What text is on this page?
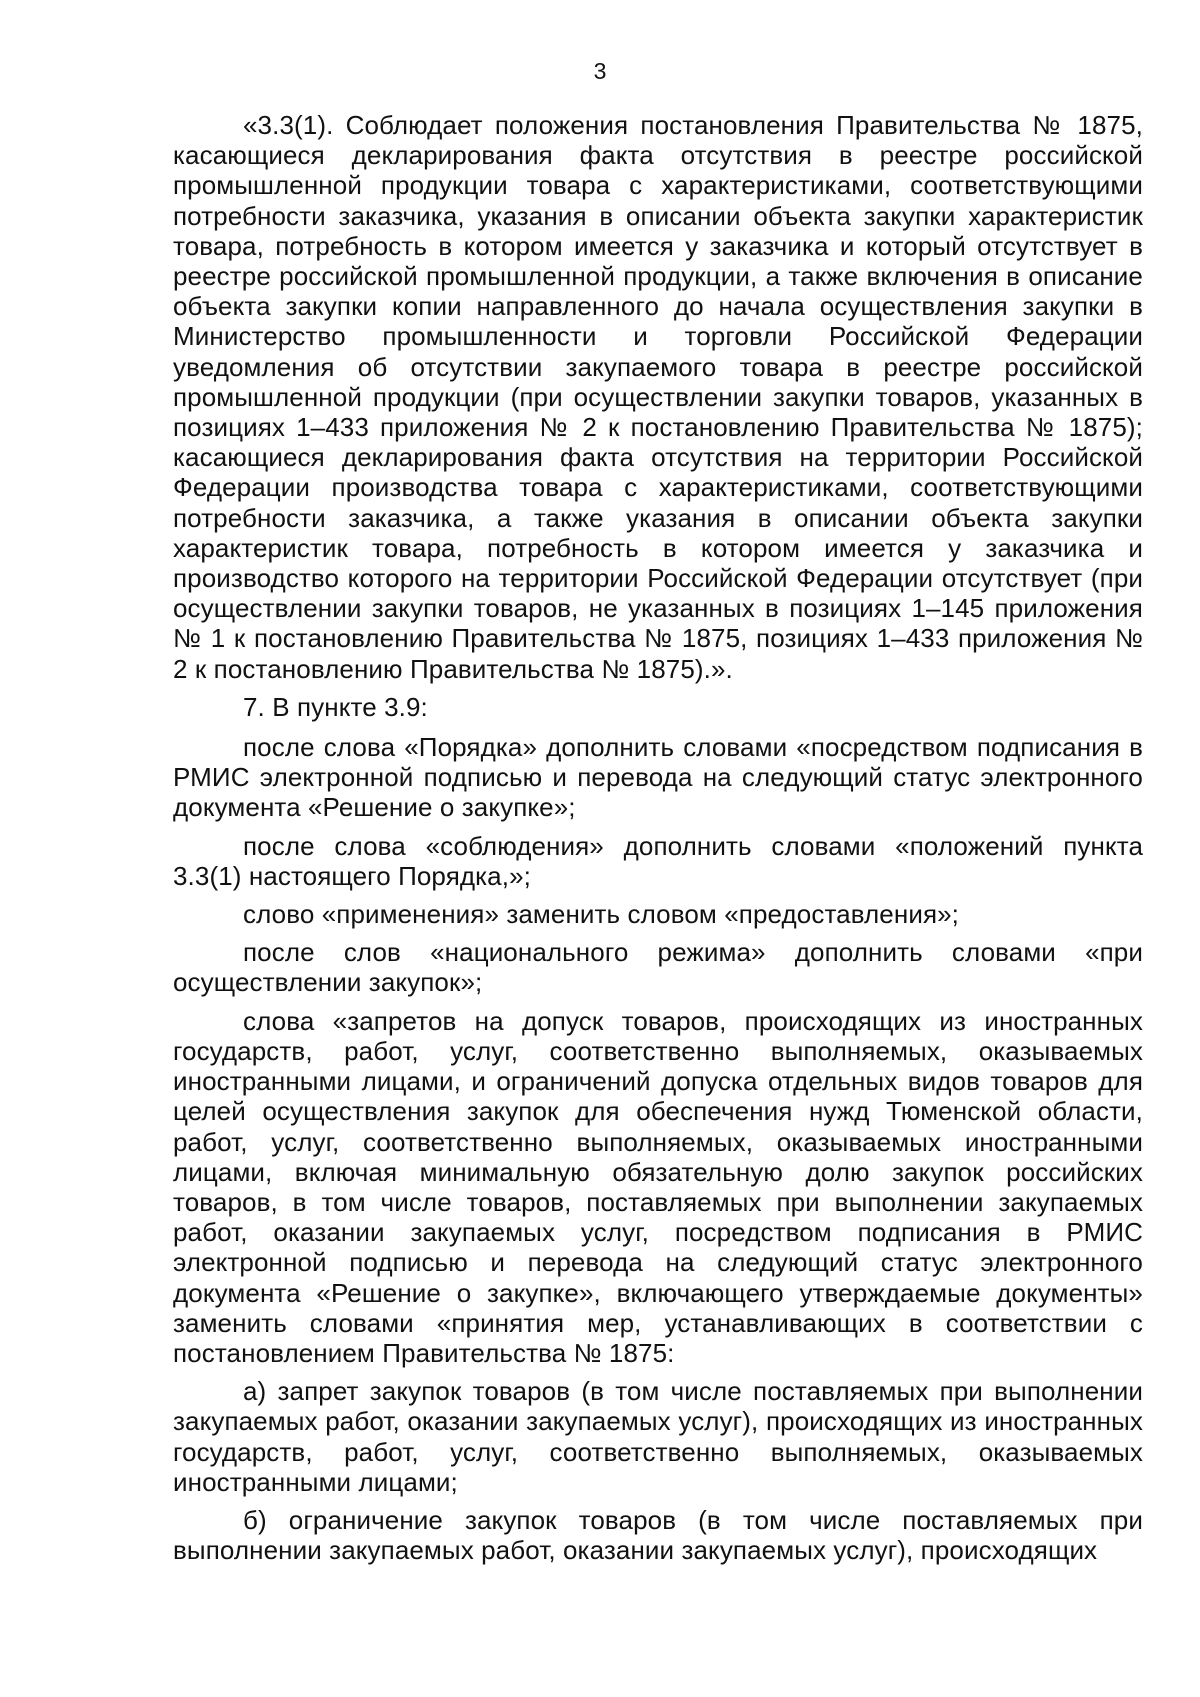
3

«3.3(1). Соблюдает положения постановления Правительства № 1875, касающиеся декларирования факта отсутствия в реестре российской промышленной продукции товара с характеристиками, соответствующими потребности заказчика, указания в описании объекта закупки характеристик товара, потребность в котором имеется у заказчика и который отсутствует в реестре российской промышленной продукции, а также включения в описание объекта закупки копии направленного до начала осуществления закупки в Министерство промышленности и торговли Российской Федерации уведомления об отсутствии закупаемого товара в реестре российской промышленной продукции (при осуществлении закупки товаров, указанных в позициях 1–433 приложения № 2 к постановлению Правительства № 1875); касающиеся декларирования факта отсутствия на территории Российской Федерации производства товара с характеристиками, соответствующими потребности заказчика, а также указания в описании объекта закупки характеристик товара, потребность в котором имеется у заказчика и производство которого на территории Российской Федерации отсутствует (при осуществлении закупки товаров, не указанных в позициях 1–145 приложения № 1 к постановлению Правительства № 1875, позициях 1–433 приложения № 2 к постановлению Правительства № 1875).».

7. В пункте 3.9:

после слова «Порядка» дополнить словами «посредством подписания в РМИС электронной подписью и перевода на следующий статус электронного документа «Решение о закупке»;

после слова «соблюдения» дополнить словами «положений пункта 3.3(1) настоящего Порядка,»;

слово «применения» заменить словом «предоставления»;

после слов «национального режима» дополнить словами «при осуществлении закупок»;

слова «запретов на допуск товаров, происходящих из иностранных государств, работ, услуг, соответственно выполняемых, оказываемых иностранными лицами, и ограничений допуска отдельных видов товаров для целей осуществления закупок для обеспечения нужд Тюменской области, работ, услуг, соответственно выполняемых, оказываемых иностранными лицами, включая минимальную обязательную долю закупок российских товаров, в том числе товаров, поставляемых при выполнении закупаемых работ, оказании закупаемых услуг, посредством подписания в РМИС электронной подписью и перевода на следующий статус электронного документа «Решение о закупке», включающего утверждаемые документы» заменить словами «принятия мер, устанавливающих в соответствии с постановлением Правительства № 1875:

а) запрет закупок товаров (в том числе поставляемых при выполнении закупаемых работ, оказании закупаемых услуг), происходящих из иностранных государств, работ, услуг, соответственно выполняемых, оказываемых иностранными лицами;

б) ограничение закупок товаров (в том числе поставляемых при выполнении закупаемых работ, оказании закупаемых услуг), происходящих
